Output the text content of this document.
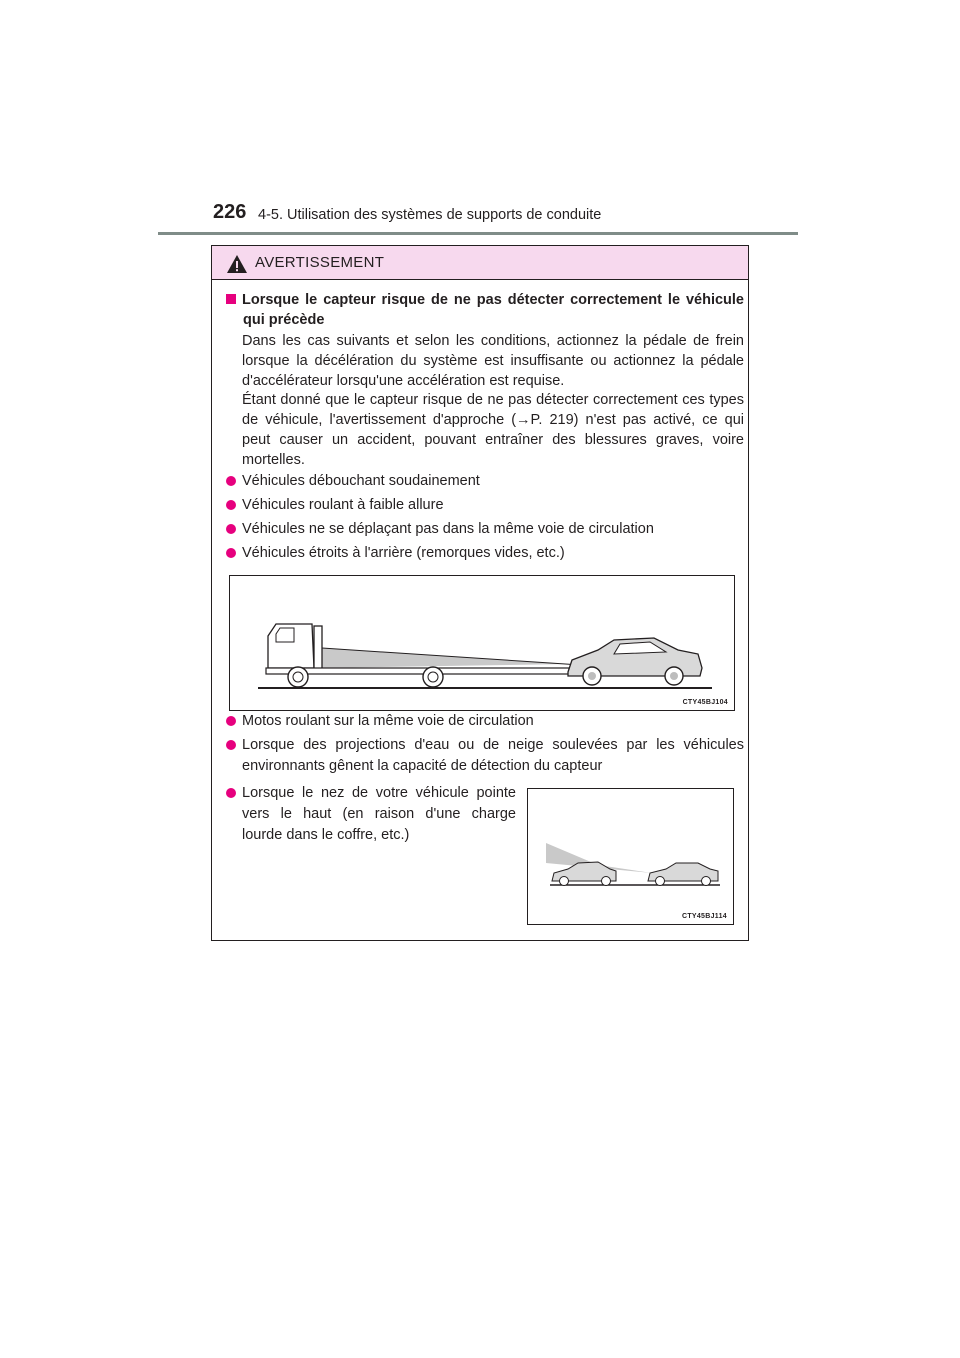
226 4-5. Utilisation des systèmes de supports de conduite
AVERTISSEMENT
Lorsque le capteur risque de ne pas détecter correctement le véhicule qui précède
Dans les cas suivants et selon les conditions, actionnez la pédale de frein lorsque la décélération du système est insuffisante ou actionnez la pédale d'accélérateur lorsqu'une accélération est requise.
Étant donné que le capteur risque de ne pas détecter correctement ces types de véhicule, l'avertissement d'approche (→P. 219) n'est pas activé, ce qui peut causer un accident, pouvant entraîner des blessures graves, voire mortelles.
Véhicules débouchant soudainement
Véhicules roulant à faible allure
Véhicules ne se déplaçant pas dans la même voie de circulation
Véhicules étroits à l'arrière (remorques vides, etc.)
CTY45BJ104
Motos roulant sur la même voie de circulation
Lorsque des projections d'eau ou de neige soulevées par les véhicules environnants gênent la capacité de détection du capteur
Lorsque le nez de votre véhicule pointe vers le haut (en raison d'une charge lourde dans le coffre, etc.)
CTY45BJ114
